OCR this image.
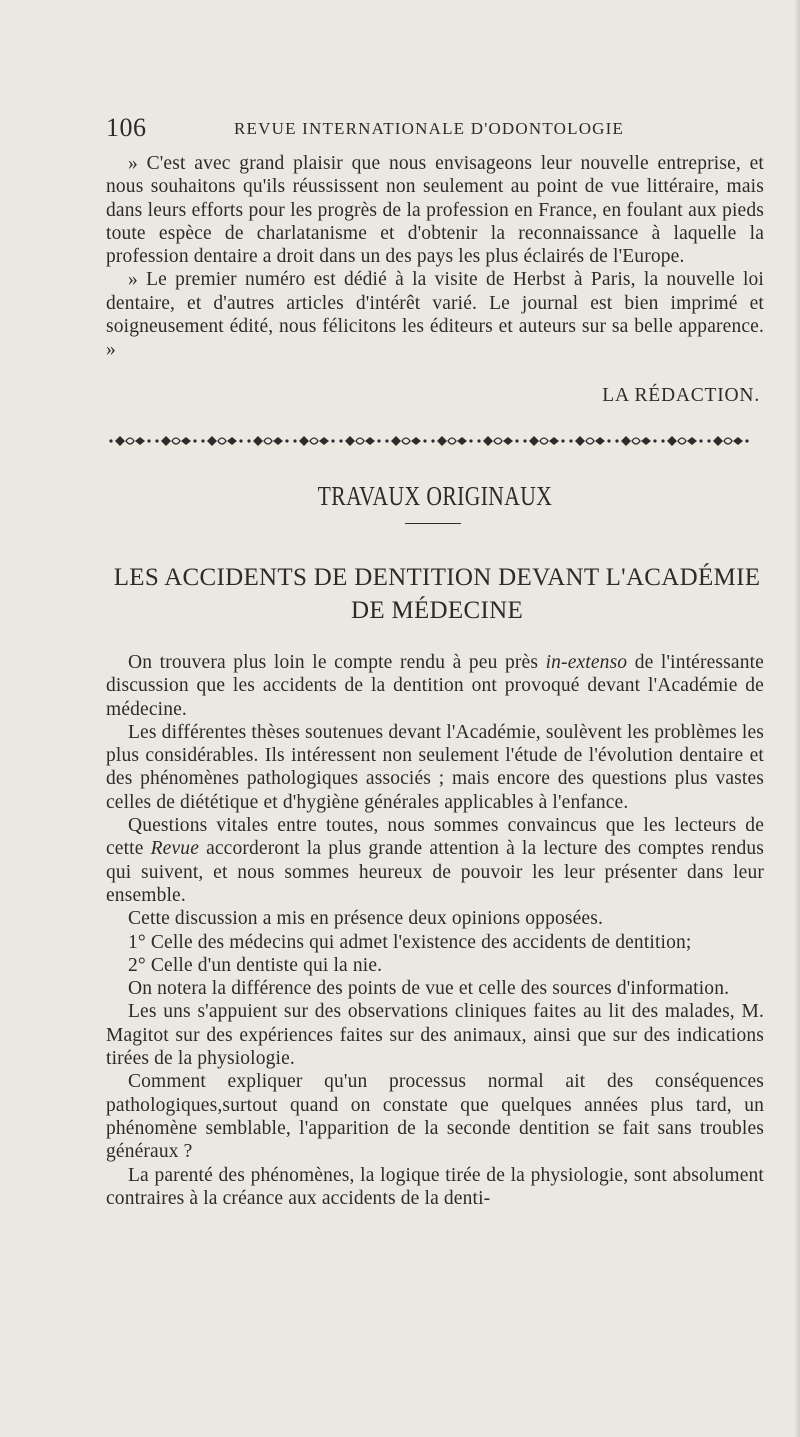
106	REVUE INTERNATIONALE D'ODONTOLOGIE

» C'est avec grand plaisir que nous envisageons leur nouvelle entreprise, et nous souhaitons qu'ils réussissent non seulement au point de vue littéraire, mais dans leurs efforts pour les progrès de la profession en France, en foulant aux pieds toute espèce de charlatanisme et d'obtenir la reconnaissance à laquelle la profession dentaire a droit dans un des pays les plus éclairés de l'Europe.

» Le premier numéro est dédié à la visite de Herbst à Paris, la nouvelle loi dentaire, et d'autres articles d'intérêt varié. Le journal est bien imprimé et soigneusement édité, nous félicitons les éditeurs et auteurs sur sa belle apparence. »

LA RÉDACTION.
TRAVAUX ORIGINAUX
LES ACCIDENTS DE DENTITION DEVANT L'ACADÉMIE
DE MÉDECINE

On trouvera plus loin le compte rendu à peu près in-extenso de l'intéressante discussion que les accidents de la dentition ont provoqué devant l'Académie de médecine.

Les différentes thèses soutenues devant l'Académie, soulèvent les problèmes les plus considérables. Ils intéressent non seulement l'étude de l'évolution dentaire et des phénomènes pathologiques associés ; mais encore des questions plus vastes celles de diététique et d'hygiène générales applicables à l'enfance.

Questions vitales entre toutes, nous sommes convaincus que les lecteurs de cette Revue accorderont la plus grande attention à la lecture des comptes rendus qui suivent, et nous sommes heureux de pouvoir les leur présenter dans leur ensemble.

Cette discussion a mis en présence deux opinions opposées.

1° Celle des médecins qui admet l'existence des accidents de dentition;

2° Celle d'un dentiste qui la nie.

On notera la différence des points de vue et celle des sources d'information.

Les uns s'appuient sur des observations cliniques faites au lit des malades, M. Magitot sur des expériences faites sur des animaux, ainsi que sur des indications tirées de la physiologie.

Comment expliquer qu'un processus normal ait des conséquences pathologiques,surtout quand on constate que quelques années plus tard, un phénomène semblable, l'apparition de la seconde dentition se fait sans troubles généraux ?

La parenté des phénomènes, la logique tirée de la physiologie, sont absolument contraires à la créance aux accidents de la denti-
